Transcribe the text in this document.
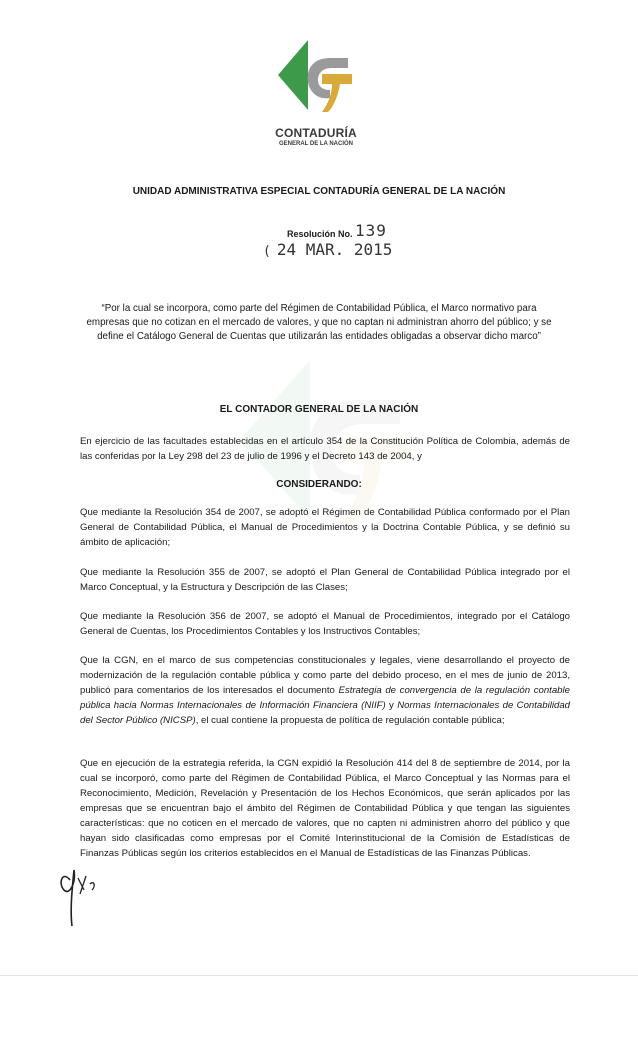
CONTADURÍA
GENERAL DE LA NACIÓN
UNIDAD ADMINISTRATIVA ESPECIAL CONTADURÍA GENERAL DE LA NACIÓN
Resolución No. 139
( 24 MAR. 2015
“Por la cual se incorpora, como parte del Régimen de Contabilidad Pública, el Marco normativo para empresas que no cotizan en el mercado de valores, y que no captan ni administran ahorro del público; y se define el Catálogo General de Cuentas que utilizarán las entidades obligadas a observar dicho marco”
EL CONTADOR GENERAL DE LA NACIÓN
En ejercicio de las facultades establecidas en el artículo 354 de la Constitución Política de Colombia, además de las conferidas por la Ley 298 del 23 de julio de 1996 y el Decreto 143 de 2004, y
CONSIDERANDO:
Que mediante la Resolución 354 de 2007, se adoptó el Régimen de Contabilidad Pública conformado por el Plan General de Contabilidad Pública, el Manual de Procedimientos y la Doctrina Contable Pública, y se definió su ámbito de aplicación;
Que mediante la Resolución 355 de 2007, se adoptó el Plan General de Contabilidad Pública integrado por el Marco Conceptual, y la Estructura y Descripción de las Clases;
Que mediante la Resolución 356 de 2007, se adoptó el Manual de Procedimientos, integrado por el Catálogo General de Cuentas, los Procedimientos Contables y los Instructivos Contables;
Que la CGN, en el marco de sus competencias constitucionales y legales, viene desarrollando el proyecto de modernización de la regulación contable pública y como parte del debido proceso, en el mes de junio de 2013, publicó para comentarios de los interesados el documento Estrategia de convergencia de la regulación contable pública hacia Normas Internacionales de Información Financiera (NIIF) y Normas Internacionales de Contabilidad del Sector Público (NICSP), el cual contiene la propuesta de política de regulación contable pública;
Que en ejecución de la estrategia referida, la CGN expidió la Resolución 414 del 8 de septiembre de 2014, por la cual se incorporó, como parte del Régimen de Contabilidad Pública, el Marco Conceptual y las Normas para el Reconocimiento, Medición, Revelación y Presentación de los Hechos Económicos, que serán aplicados por las empresas que se encuentran bajo el ámbito del Régimen de Contabilidad Pública y que tengan las siguientes características: que no coticen en el mercado de valores, que no capten ni administren ahorro del público y que hayan sido clasificadas como empresas por el Comité Interinstitucional de la Comisión de Estadísticas de Finanzas Públicas según los criterios establecidos en el Manual de Estadísticas de las Finanzas Públicas.
